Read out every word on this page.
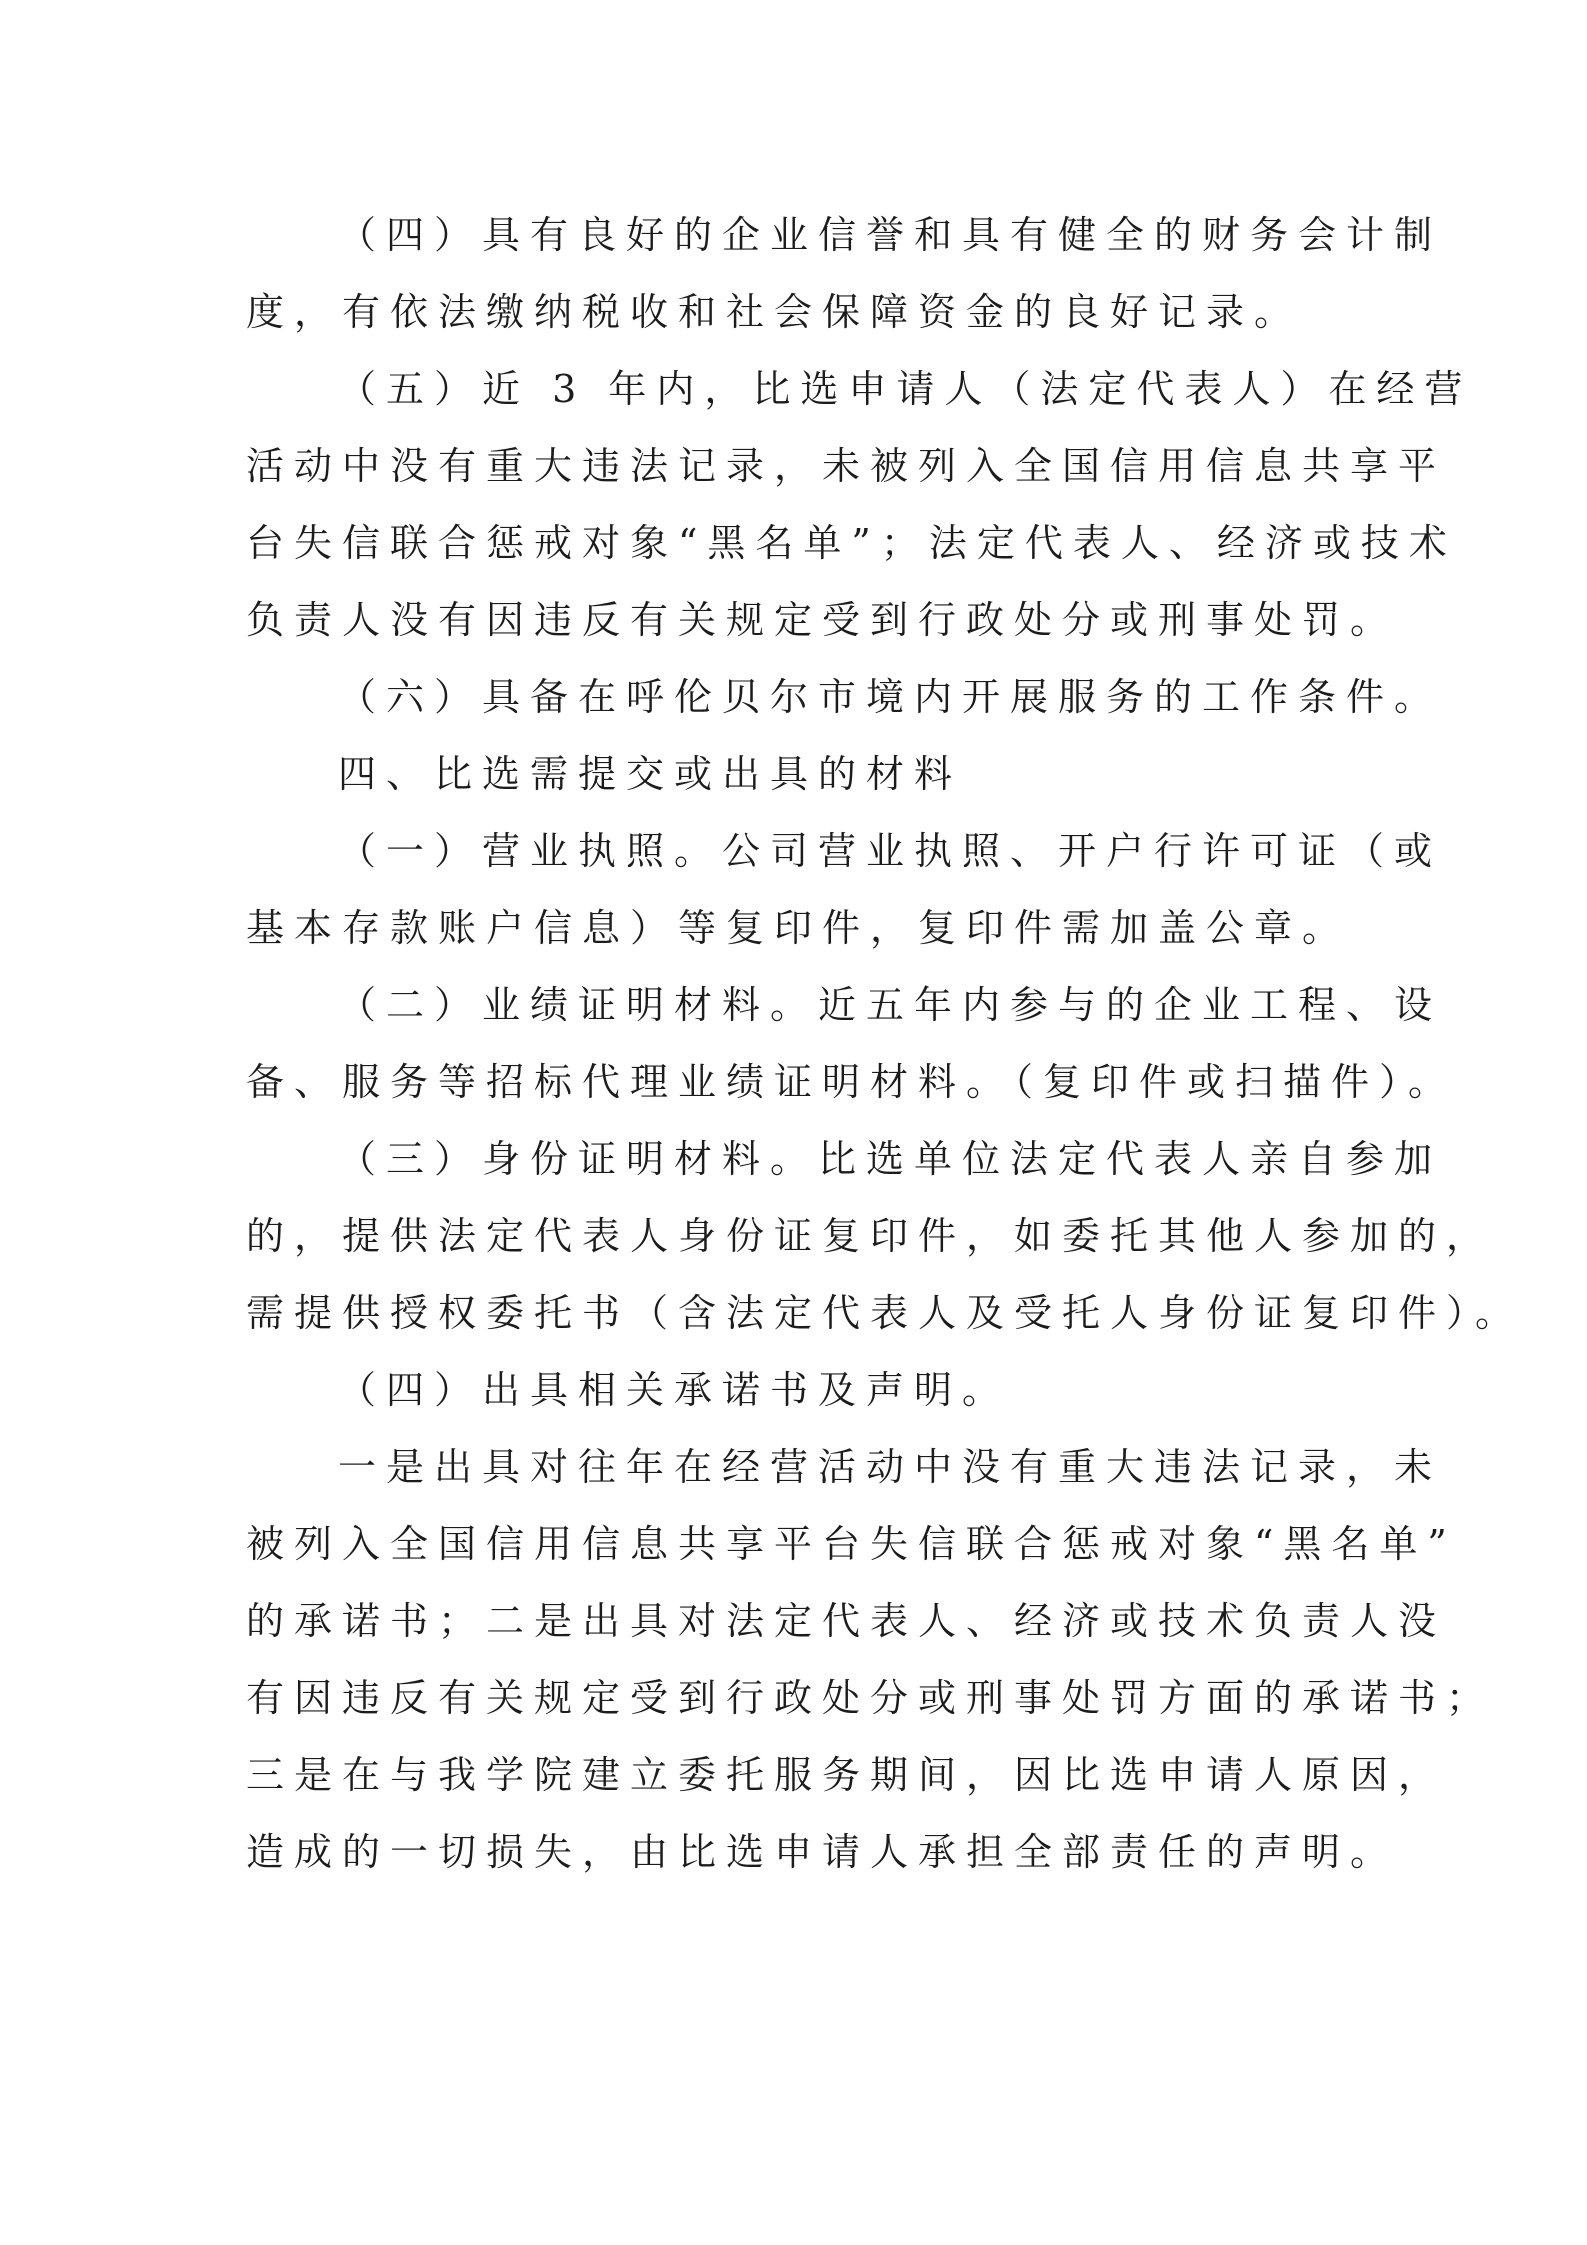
（四）具有良好的企业信誉和具有健全的财务会计制
度，有依法缴纳税收和社会保障资金的良好记录。
（五）近 3 年内，比选申请人（法定代表人）在经营
活动中没有重大违法记录，未被列入全国信用信息共享平
台失信联合惩戒对象“黑名单”；法定代表人、经济或技术
负责人没有因违反有关规定受到行政处分或刑事处罚。
（六）具备在呼伦贝尔市境内开展服务的工作条件。
四、比选需提交或出具的材料
（一）营业执照。公司营业执照、开户行许可证（或
基本存款账户信息）等复印件，复印件需加盖公章。
（二）业绩证明材料。近五年内参与的企业工程、设
备、服务等招标代理业绩证明材料。（复印件或扫描件）。
（三）身份证明材料。比选单位法定代表人亲自参加
的，提供法定代表人身份证复印件，如委托其他人参加的，
需提供授权委托书（含法定代表人及受托人身份证复印件）。
（四）出具相关承诺书及声明。
一是出具对往年在经营活动中没有重大违法记录，未
被列入全国信用信息共享平台失信联合惩戒对象“黑名单”
的承诺书；二是出具对法定代表人、经济或技术负责人没
有因违反有关规定受到行政处分或刑事处罚方面的承诺书；
三是在与我学院建立委托服务期间，因比选申请人原因，
造成的一切损失，由比选申请人承担全部责任的声明。
